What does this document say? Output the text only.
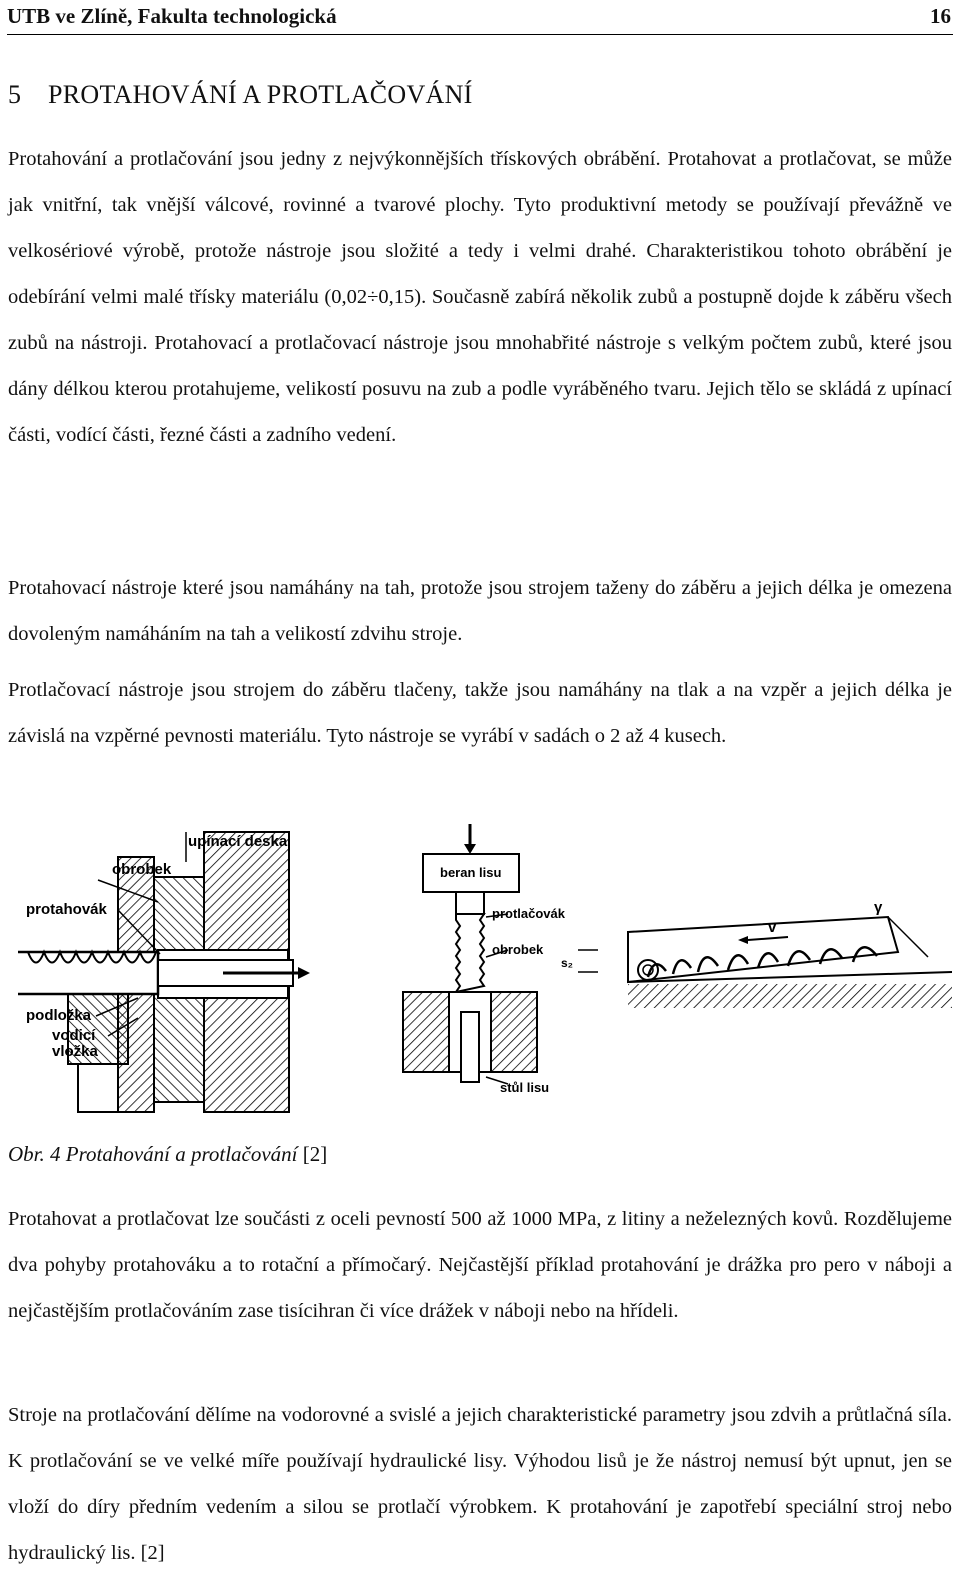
UTB ve Zlíně, Fakulta technologická	16
5 PROTAHOVÁNÍ A PROTLAČOVÁNÍ

Protahování a protlačování jsou jedny z nejvýkonnějších třískových obrábění. Protahovat a protlačovat, se může jak vnitřní, tak vnější válcové, rovinné a tvarové plochy. Tyto produktivní metody se používají převážně ve velkosériové výrobě, protože nástroje jsou složité a tedy i velmi drahé. Charakteristikou tohoto obrábění je odebírání velmi malé třísky materiálu (0,02÷0,15). Současně zabírá několik zubů a postupně dojde k záběru všech zubů na nástroji. Protahovací a protlačovací nástroje jsou mnohabřité nástroje s velkým počtem zubů, které jsou dány délkou kterou protahujeme, velikostí posuvu na zub a podle vyráběného tvaru. Jejich tělo se skládá z upínací části, vodící části, řezné části a zadního vedení.

Protahovací nástroje které jsou namáhány na tah, protože jsou strojem taženy do záběru a jejich délka je omezena dovoleným namáháním na tah a velikostí zdvihu stroje.

Protlačovací nástroje jsou strojem do záběru tlačeny, takže jsou namáhány na tlak a na vzpěr a jejich délka je závislá na vzpěrné pevnosti materiálu. Tyto nástroje se vyrábí v sadách o 2 až 4 kusech.

upínací deska
obrobek
protahovák
podložka
vodicí
vložka
beran lisu
protlačovák
obrobek
stůl lisu
v
s₂
γ
Obr. 4 Protahování a protlačování [2]

Protahovat a protlačovat lze součásti z oceli pevností 500 až 1000 MPa, z litiny a neželezných kovů. Rozdělujeme dva pohyby protahováku a to rotační a přímočarý. Nejčastější příklad protahování je drážka pro pero v náboji a nejčastějším protlačováním zase tisícihran či více drážek v náboji nebo na hřídeli.

Stroje na protlačování dělíme na vodorovné a svislé a jejich charakteristické parametry jsou zdvih a průtlačná síla. K protlačování se ve velké míře používají hydraulické lisy. Výhodou lisů je že nástroj nemusí být upnut, jen se vloží do díry předním vedením a silou se protlačí výrobkem. K protahování je zapotřebí speciální stroj nebo hydraulický lis. [2]
